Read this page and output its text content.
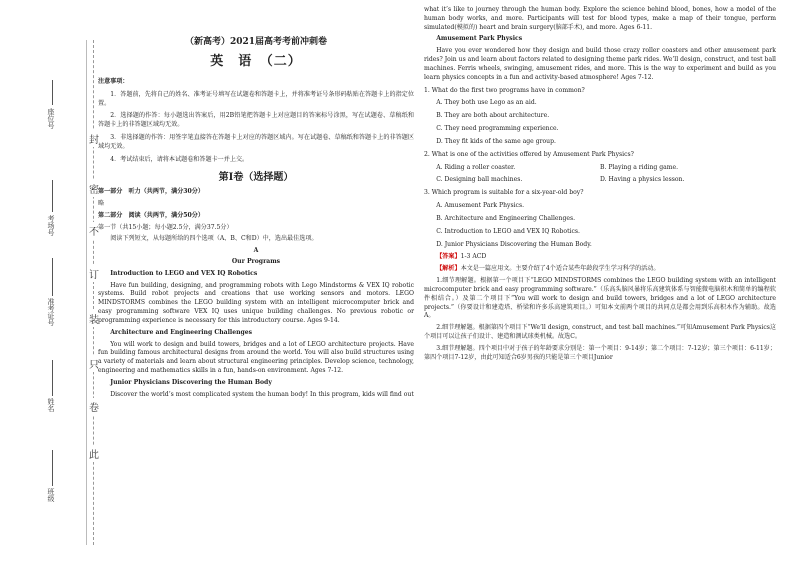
封
密
不
订
装
只
卷
此
座位号
考场号
准考证号
姓名
班级

（新高考）2021届高考考前冲刺卷

英　语　（二）

注意事项：

1．答题前，先将自己的姓名、准考证号填写在试题卷和答题卡上，并将准考证号条形码粘贴在答题卡上的指定位置。

2．选择题的作答：每小题选出答案后，用2B铅笔把答题卡上对应题目的答案标号涂黑，写在试题卷、草稿纸和答题卡上的非答题区域均无效。

3．非选择题的作答：用签字笔直接答在答题卡上对应的答题区域内。写在试题卷、草稿纸和答题卡上的非答题区域均无效。

4．考试结束后，请将本试题卷和答题卡一并上交。

第Ⅰ卷（选择题）

第一部分　听力（共两节，满分30分）

略

第二部分　阅读（共两节，满分50分）

第一节（共15小题；每小题2.5分，满分37.5分）

阅读下列短文，从每题所给的四个选项（A、B、C和D）中，选出最佳选项。

A

Our Programs

Introduction to LEGO and VEX IQ Robotics

Have fun building, designing, and programming robots with Lego Mindstorms & VEX IQ robotic systems. Build robot projects and creations that use working sensors and motors. LEGO MINDSTORMS combines the LEGO building system with an intelligent microcomputer brick and easy programming software VEX IQ uses unique building challenges. No previous robotic or programming experience is necessary for this introductory course. Ages 9-14.

Architecture and Engineering Challenges

You will work to design and build towers, bridges and a lot of LEGO architecture projects. Have fun building famous architectural designs from around the world. You will also build structures using a variety of materials and learn about structural engineering principles. Develop science, technology, engineering and mathematics skills in a fun, hands-on environment. Ages 7-12.

Junior Physicians Discovering the Human Body

Discover the world’s most complicated system the human body! In this program, kids will find out

what it’s like to journey through the human body. Explore the science behind blood, bones, how a model of the human body works, and more. Participants will test for blood types, make a map of their tongue, perform simulated(模拟的) heart and brain surgery(脑部手术), and more. Ages 6-11.

Amusement Park Physics

Have you ever wondered how they design and build those crazy roller coasters and other amusement park rides? Join us and learn about factors related to designing theme park rides. We’ll design, construct, and test ball machines. Ferris wheels, swinging, amusement rides, and more. This is the way to experiment and build as you learn physics concepts in a fun and activity-based atmosphere! Ages 7-12.

1. What do the first two programs have in common?

A. They both use Lego as an aid.

B. They are both about architecture.

C. They need programming experience.

D. They fit kids of the same age group.

2. What is one of the activities offered by Amusement Park Physics?

A. Riding a roller coaster.	B. Playing a riding game.

C. Designing ball machines.	D. Having a physics lesson.

3. Which program is suitable for a six-year-old boy?

A. Amusement Park Physics.

B. Architecture and Engineering Challenges.

C. Introduction to LEGO and VEX IQ Robotics.

D. Junior Physicians Discovering the Human Body.

【答案】1-3 ACD

【解析】本文是一篇应用文。主要介绍了4个适合某些年龄段学生学习科学的活动。

1.细节理解题。根据第一个项目下“LEGO MINDSTORMS combines the LEGO building system with an intelligent microcomputer brick and easy programming software.”（乐高头脑风暴将乐高建筑体系与智能微电脑积木和简单的编程软件相结合。）及第二个项目下“You will work to design and build towers, bridges and a lot of LEGO architecture projects.”（你要设计和建造塔、桥梁和许多乐高建筑项目。）可知本文前两个项目的共同点是都会用到乐高积木作为辅助。故选A。

2.细节理解题。根据第四个项目下“We’ll design, construct, and test ball machines.”可知Amusement Park Physics这个项目可以让孩子们设计、建造和测试球类机械。故选C。

3.细节理解题。四个项目中对于孩子的年龄要求分别是：第一个项目：9-14岁；第二个项目：7-12岁；第三个项目：6-11岁；第四个项目7-12岁，由此可知适合6岁男孩的只能是第三个项目Junior
